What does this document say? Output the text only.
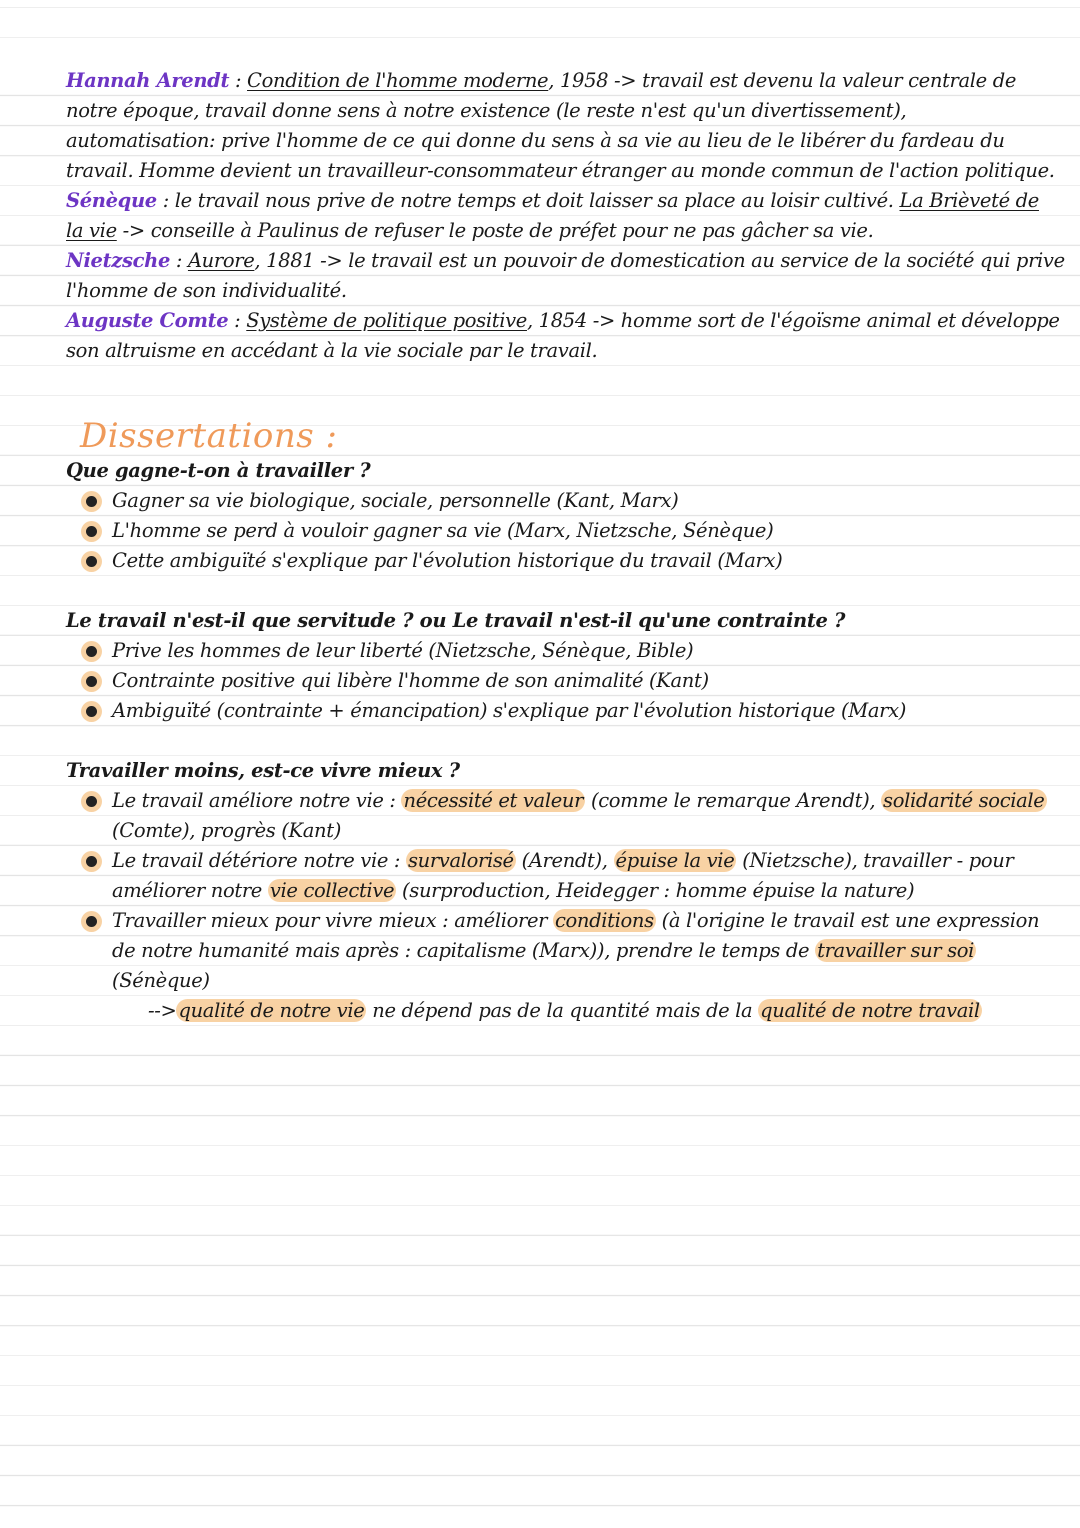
Hannah Arendt : Condition de l'homme moderne, 1958 -> travail est devenu la valeur centrale de
notre époque, travail donne sens à notre existence (le reste n'est qu'un divertissement),
automatisation: prive l'homme de ce qui donne du sens à sa vie au lieu de le libérer du fardeau du
travail. Homme devient un travailleur-consommateur étranger au monde commun de l'action politique.
Sénèque : le travail nous prive de notre temps et doit laisser sa place au loisir cultivé. La Brièveté de
la vie -> conseille à Paulinus de refuser le poste de préfet pour ne pas gâcher sa vie.
Nietzsche : Aurore, 1881 -> le travail est un pouvoir de domestication au service de la société qui prive
l'homme de son individualité.
Auguste Comte : Système de politique positive, 1854 -> homme sort de l'égoïsme animal et développe
son altruisme en accédant à la vie sociale par le travail.
Dissertations :
Que gagne-t-on à travailler ?
Gagner sa vie biologique, sociale, personnelle (Kant, Marx)
L'homme se perd à vouloir gagner sa vie (Marx, Nietzsche, Sénèque)
Cette ambiguïté s'explique par l'évolution historique du travail (Marx)
Le travail n'est-il que servitude ? ou Le travail n'est-il qu'une contrainte ?
Prive les hommes de leur liberté (Nietzsche, Sénèque, Bible)
Contrainte positive qui libère l'homme de son animalité (Kant)
Ambiguïté (contrainte + émancipation) s'explique par l'évolution historique (Marx)
Travailler moins, est-ce vivre mieux ?
Le travail améliore notre vie : nécessité et valeur (comme le remarque Arendt), solidarité sociale
(Comte), progrès (Kant)
Le travail détériore notre vie : survalorisé (Arendt), épuise la vie (Nietzsche), travailler - pour
améliorer notre vie collective (surproduction, Heidegger : homme épuise la nature)
Travailler mieux pour vivre mieux : améliorer conditions (à l'origine le travail est une expression
de notre humanité mais après : capitalisme (Marx)), prendre le temps de travailler sur soi
(Sénèque)
--> qualité de notre vie ne dépend pas de la quantité mais de la qualité de notre travail
